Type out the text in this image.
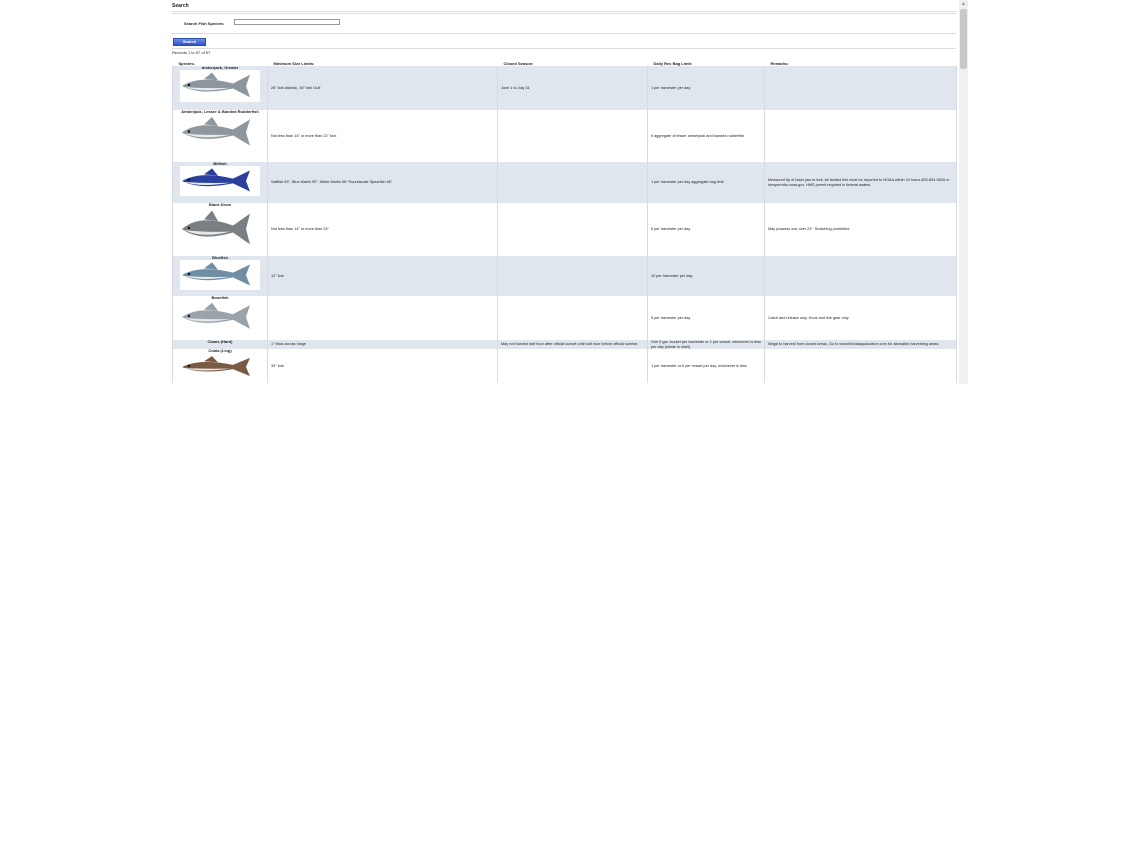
Search
Search Fish Species:
Search
Records 1 to 57 of 57
Species:	Minimum Size Limits:	Closed Season:	Daily Rec Bag Limit:	Remarks:

Amberjack, Greater	28" fork Atlantic, 30" fork Gulf	June 1 to July 31	1 per harvester per day	

Amberjack, Lesser & Banded Rudderfish	Not less than 14" or more than 22" fork		5 aggregate of lesser amberjack and banded rudderfish	

Billfish	Sailfish 63", Blue Marlin 99", White Marlin 66" Roundscale Spearfish 66"		1 per harvester per day aggregate bag limit	Measured tip of lower jaw to fork. All landed fish must be reported to NOAA within 24 hours 800-894-5528 or hmspermits.noaa.gov. HMS permit required in federal waters.

Black Drum	Not less than 14" or more than 24"		5 per harvester per day	May possess one over 24". Snatching prohibited

Bluefish	12" fork		10 per harvester per day	

Bonefish			5 per harvester per day	Catch and release only. Hook and line gear only.

Clams (Hard)	1" thick across hinge	May not harvest half hour after official sunset until half hour before official sunrise.	One 5 gal. bucket per harvester or 2 per vessel, whichever is less per day (whole in shell).	Illegal to harvest from closed areas. Go to www.floridaaquaculture.com for allowable harvesting areas.

Cobia (Ling)	33" fork		1 per harvester or 6 per vessel per day, whichever is less	
▲
